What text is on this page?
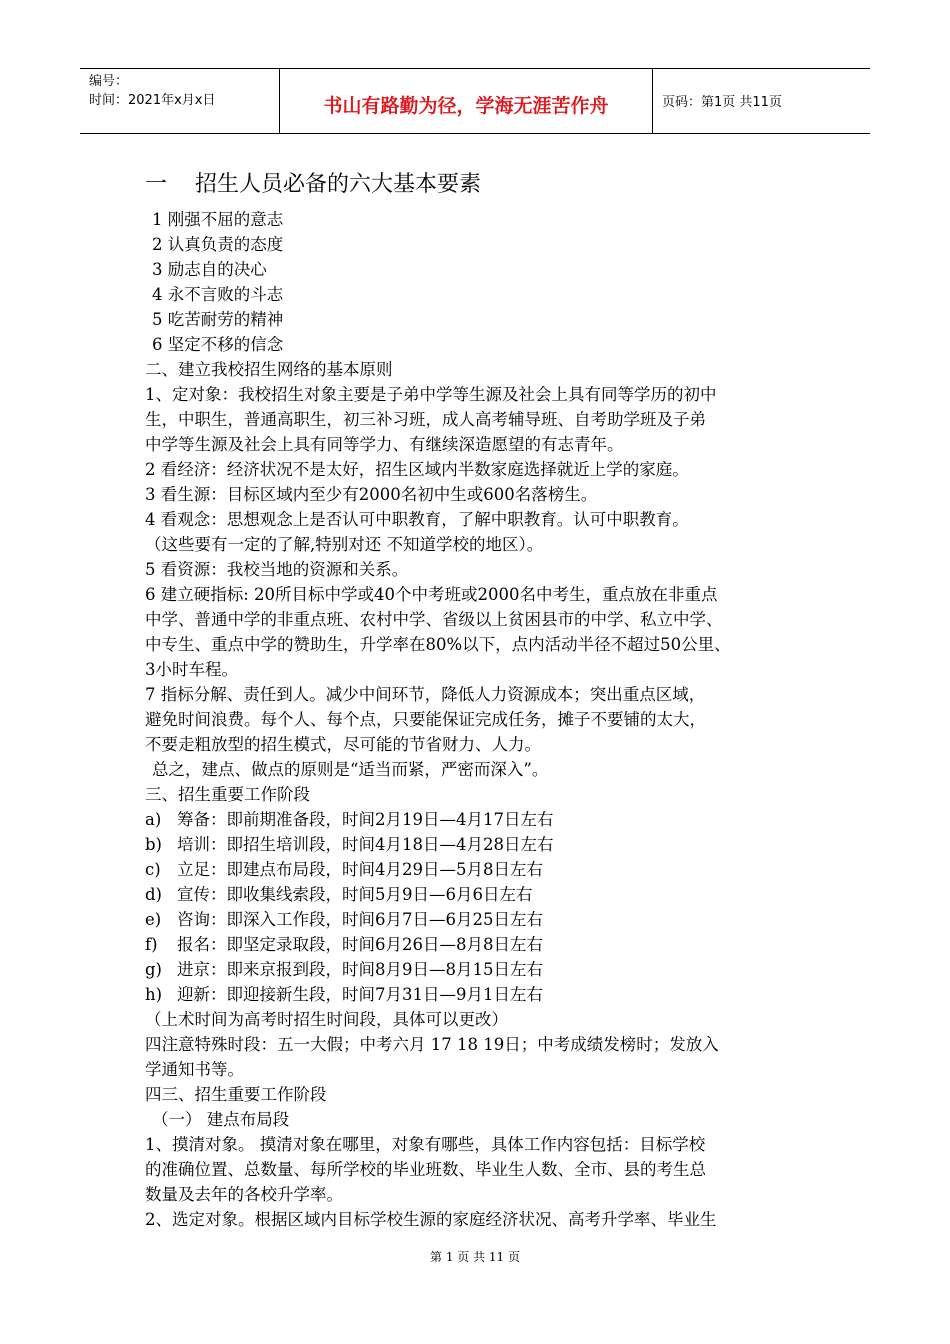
编号：
时间：2021年x月x日	书山有路勤为径，学海无涯苦作舟	页码：第1页 共11页
一 招生人员必备的六大基本要素

1 刚强不屈的意志

2 认真负责的态度

3 励志自的决心

4 永不言败的斗志

5 吃苦耐劳的精神

6 坚定不移的信念

二、建立我校招生网络的基本原则

1、定对象：我校招生对象主要是子弟中学等生源及社会上具有同等学历的初中

生，中职生，普通高职生，初三补习班，成人高考辅导班、自考助学班及子弟

中学等生源及社会上具有同等学力、有继续深造愿望的有志青年。

2 看经济：经济状况不是太好，招生区域内半数家庭选择就近上学的家庭。

3 看生源：目标区域内至少有2000名初中生或600名落榜生。

4 看观念：思想观念上是否认可中职教育，了解中职教育。认可中职教育。

（这些要有一定的了解,特别对还 不知道学校的地区）。

5 看资源：我校当地的资源和关系。

6 建立硬指标: 20所目标中学或40个中考班或2000名中考生，重点放在非重点

中学、普通中学的非重点班、农村中学、省级以上贫困县市的中学、私立中学、

中专生、重点中学的赞助生，升学率在80%以下，点内活动半径不超过50公里、

3小时车程。

7 指标分解、责任到人。减少中间环节，降低人力资源成本；突出重点区域，

避免时间浪费。每个人、每个点，只要能保证完成任务，摊子不要铺的太大，

不要走粗放型的招生模式，尽可能的节省财力、人力。

总之，建点、做点的原则是“适当而紧，严密而深入”。

三、招生重要工作阶段

a) 筹备：即前期准备段，时间2月19日—4月17日左右

b) 培训：即招生培训段，时间4月18日—4月28日左右

c) 立足：即建点布局段，时间4月29日—5月8日左右

d) 宣传：即收集线索段，时间5月9日—6月6日左右

e) 咨询：即深入工作段，时间6月7日—6月25日左右

f) 报名：即坚定录取段，时间6月26日—8月8日左右

g) 进京：即来京报到段，时间8月9日—8月15日左右

h) 迎新：即迎接新生段，时间7月31日—9月1日左右

（上术时间为高考时招生时间段，具体可以更改）

四注意特殊时段：五一大假；中考六月 17 18 19日；中考成绩发榜时；发放入

学通知书等。

四三、招生重要工作阶段

（一） 建点布局段

1、摸清对象。 摸清对象在哪里，对象有哪些，具体工作内容包括：目标学校

的准确位置、总数量、每所学校的毕业班数、毕业生人数、全市、县的考生总

数量及去年的各校升学率。

2、选定对象。根据区域内目标学校生源的家庭经济状况、高考升学率、毕业生

第 1 页 共 11 页
